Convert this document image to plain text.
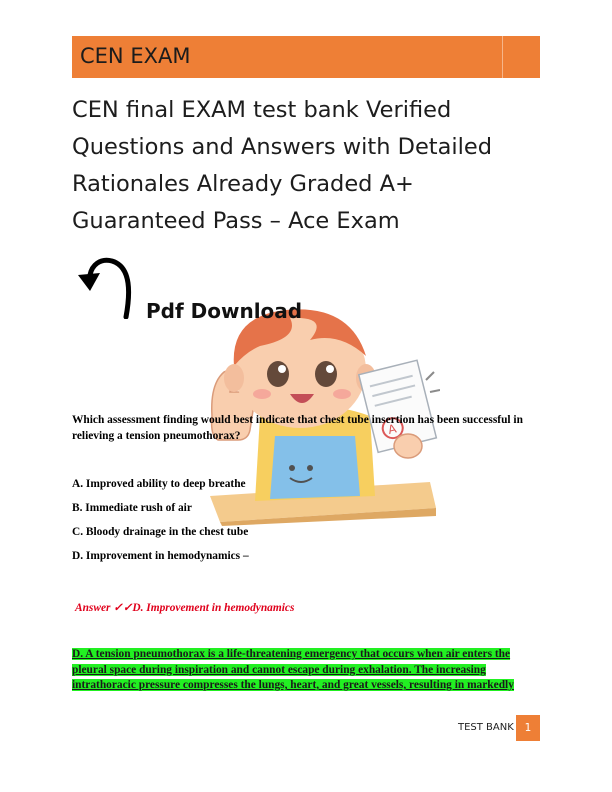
CEN EXAM
CEN final EXAM test bank Verified Questions and Answers with Detailed Rationales Already Graded A+ Guaranteed Pass – Ace Exam
A
Pdf Download
Which assessment finding would best indicate that chest tube insertion has been successful in relieving a tension pneumothorax?
A. Improved ability to deep breathe
B. Immediate rush of air
C. Bloody drainage in the chest tube
D. Improvement in hemodynamics –
Answer ✓✓D. Improvement in hemodynamics
D. A tension pneumothorax is a life-threatening emergency that occurs when air enters the
pleural space during inspiration and cannot escape during exhalation. The increasing
intrathoracic pressure compresses the lungs, heart, and great vessels, resulting in markedly
TEST BANK 1
